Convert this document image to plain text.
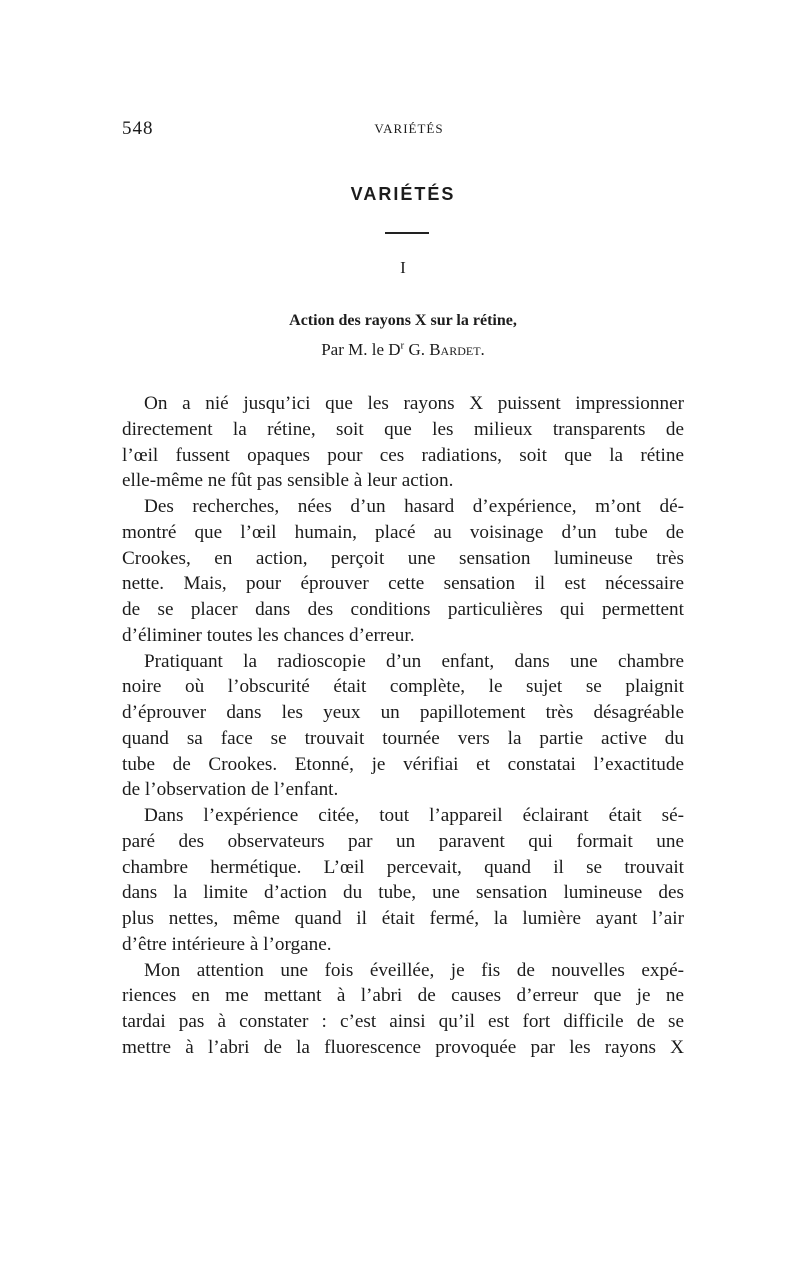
548	VARIÉTÉS
VARIÉTÉS
I
Action des rayons X sur la rétine,
Par M. le $D^r$ G. Bardet.
On a nié jusqu’ici que les rayons X puissent impressionner
directement la rétine, soit que les milieux transparents de
l’œil fussent opaques pour ces radiations, soit que la rétine
elle-même ne fût pas sensible à leur action.
Des recherches, nées d’un hasard d’expérience, m’ont dé-
montré que l’œil humain, placé au voisinage d’un tube de
Crookes, en action, perçoit une sensation lumineuse très
nette. Mais, pour éprouver cette sensation il est nécessaire
de se placer dans des conditions particulières qui permettent
d’éliminer toutes les chances d’erreur.
Pratiquant la radioscopie d’un enfant, dans une chambre
noire où l’obscurité était complète, le sujet se plaignit
d’éprouver dans les yeux un papillotement très désagréable
quand sa face se trouvait tournée vers la partie active du
tube de Crookes. Etonné, je vérifiai et constatai l’exactitude
de l’observation de l’enfant.
Dans l’expérience citée, tout l’appareil éclairant était sé-
paré des observateurs par un paravent qui formait une
chambre hermétique. L’œil percevait, quand il se trouvait
dans la limite d’action du tube, une sensation lumineuse des
plus nettes, même quand il était fermé, la lumière ayant l’air
d’être intérieure à l’organe.
Mon attention une fois éveillée, je fis de nouvelles expé-
riences en me mettant à l’abri de causes d’erreur que je ne
tardai pas à constater : c’est ainsi qu’il est fort difficile de se
mettre à l’abri de la fluorescence provoquée par les rayons X
